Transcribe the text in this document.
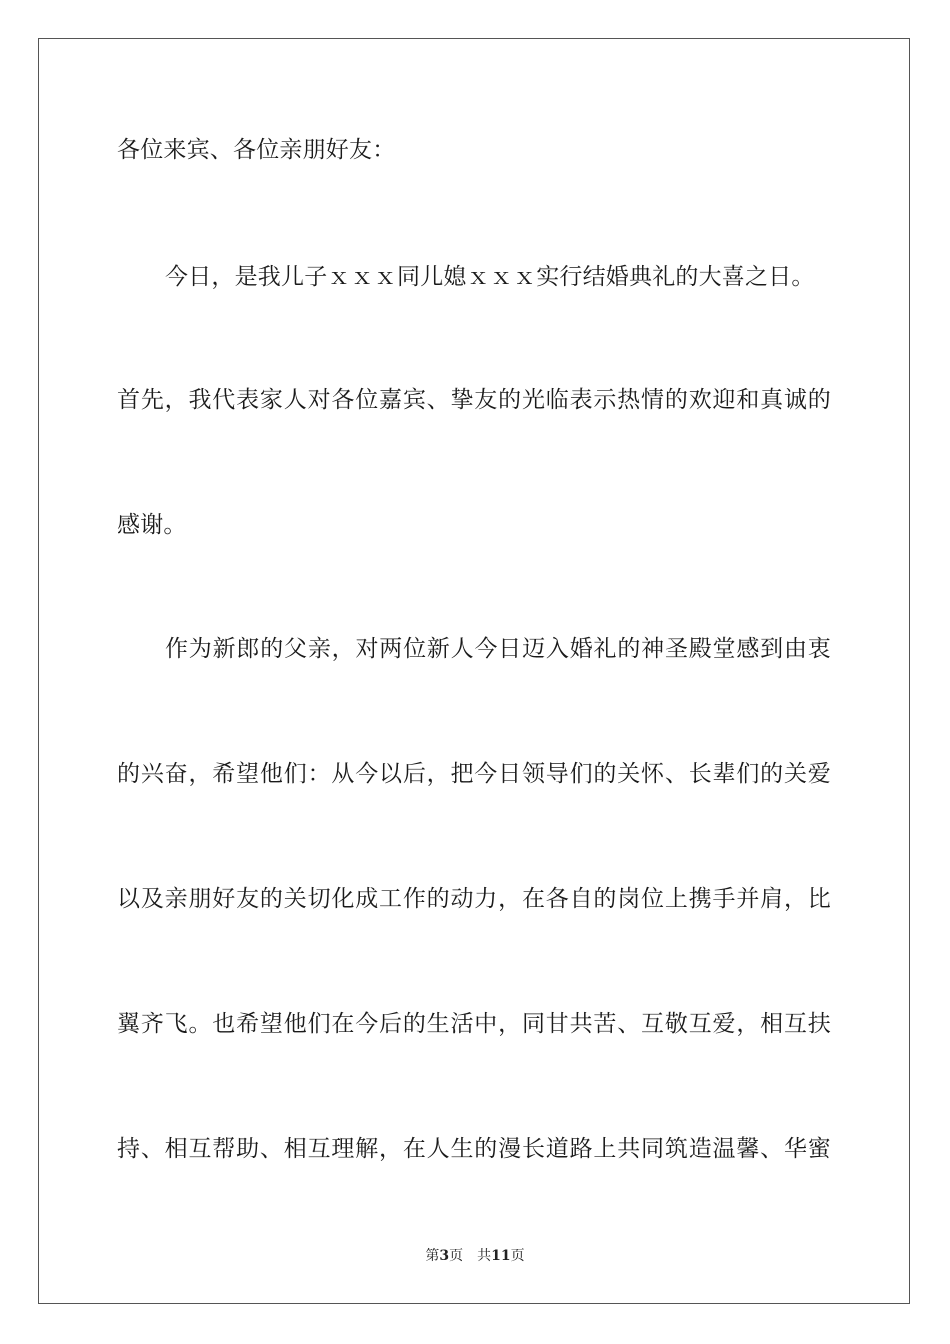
各位来宾、各位亲朋好友：
今日，是我儿子ｘｘｘ同儿媳ｘｘｘ实行结婚典礼的大喜之日。
首先，我代表家人对各位嘉宾、挚友的光临表示热情的欢迎和真诚的
感谢。
作为新郎的父亲，对两位新人今日迈入婚礼的神圣殿堂感到由衷
的兴奋，希望他们：从今以后，把今日领导们的关怀、长辈们的关爱
以及亲朋好友的关切化成工作的动力，在各自的岗位上携手并肩，比
翼齐飞。也希望他们在今后的生活中，同甘共苦、互敬互爱，相互扶
持、相互帮助、相互理解，在人生的漫长道路上共同筑造温馨、华蜜
第3页 共11页
